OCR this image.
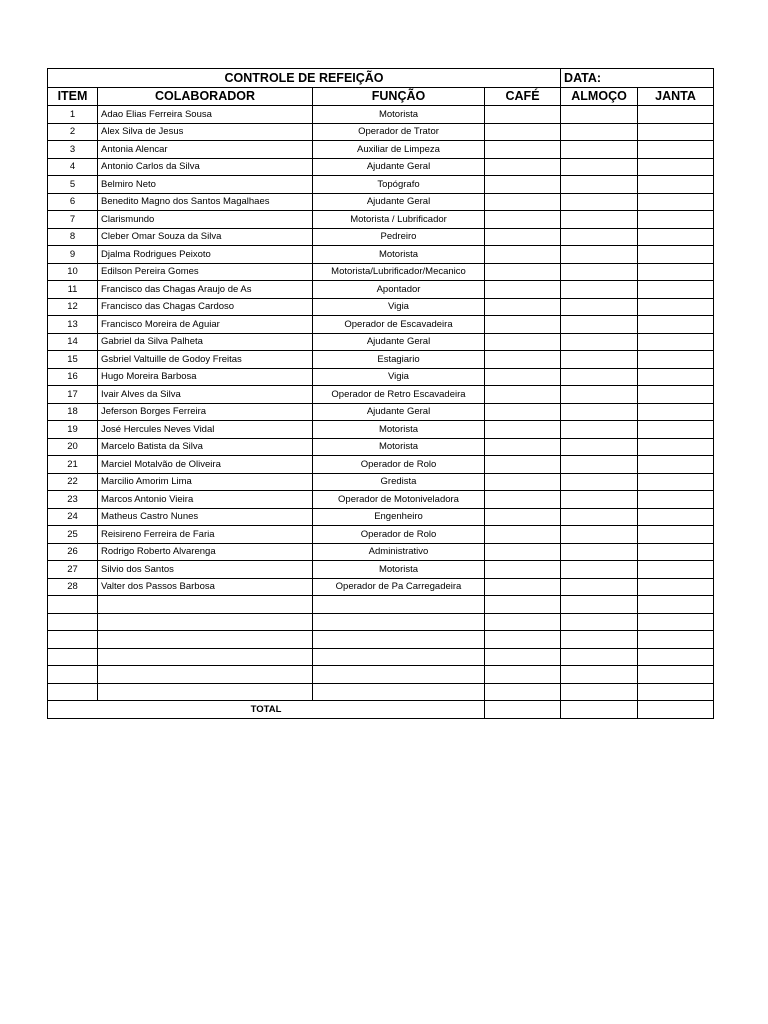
CONTROLE DE REFEIÇÃO				DATA:	
ITEM	COLABORADOR	FUNÇÃO	CAFÉ	ALMOÇO	JANTA
1	Adao Elias Ferreira Sousa	Motorista			
2	Alex Silva de Jesus	Operador de Trator			
3	Antonia Alencar	Auxiliar de Limpeza			
4	Antonio Carlos da Silva	Ajudante Geral			
5	Belmiro Neto	Topógrafo			
6	Benedito Magno dos Santos Magalhaes	Ajudante Geral			
7	Clarismundo	Motorista / Lubrificador			
8	Cleber Omar Souza da Silva	Pedreiro			
9	Djalma Rodrigues Peixoto	Motorista			
10	Edilson Pereira Gomes	Motorista/Lubrificador/Mecanico			
11	Francisco das Chagas Araujo de As	Apontador			
12	Francisco das Chagas Cardoso	Vigia			
13	Francisco Moreira de Aguiar	Operador de Escavadeira			
14	Gabriel da Silva Palheta	Ajudante Geral			
15	Gsbriel Valtuille de Godoy Freitas	Estagiario			
16	Hugo Moreira Barbosa	Vigia			
17	Ivair Alves da Silva	Operador de Retro Escavadeira			
18	Jeferson Borges Ferreira	Ajudante Geral			
19	José Hercules Neves Vidal	Motorista			
20	Marcelo Batista da Silva	Motorista			
21	Marciel Motalvão de Oliveira	Operador de Rolo			
22	Marcilio Amorim Lima	Gredista			
23	Marcos Antonio Vieira	Operador de Motoniveladora			
24	Matheus Castro Nunes	Engenheiro			
25	Reisireno Ferreira de Faria	Operador de Rolo			
26	Rodrigo Roberto Alvarenga	Administrativo			
27	Silvio dos Santos	Motorista			
28	Valter dos Passos Barbosa	Operador de Pa Carregadeira			

TOTAL					
